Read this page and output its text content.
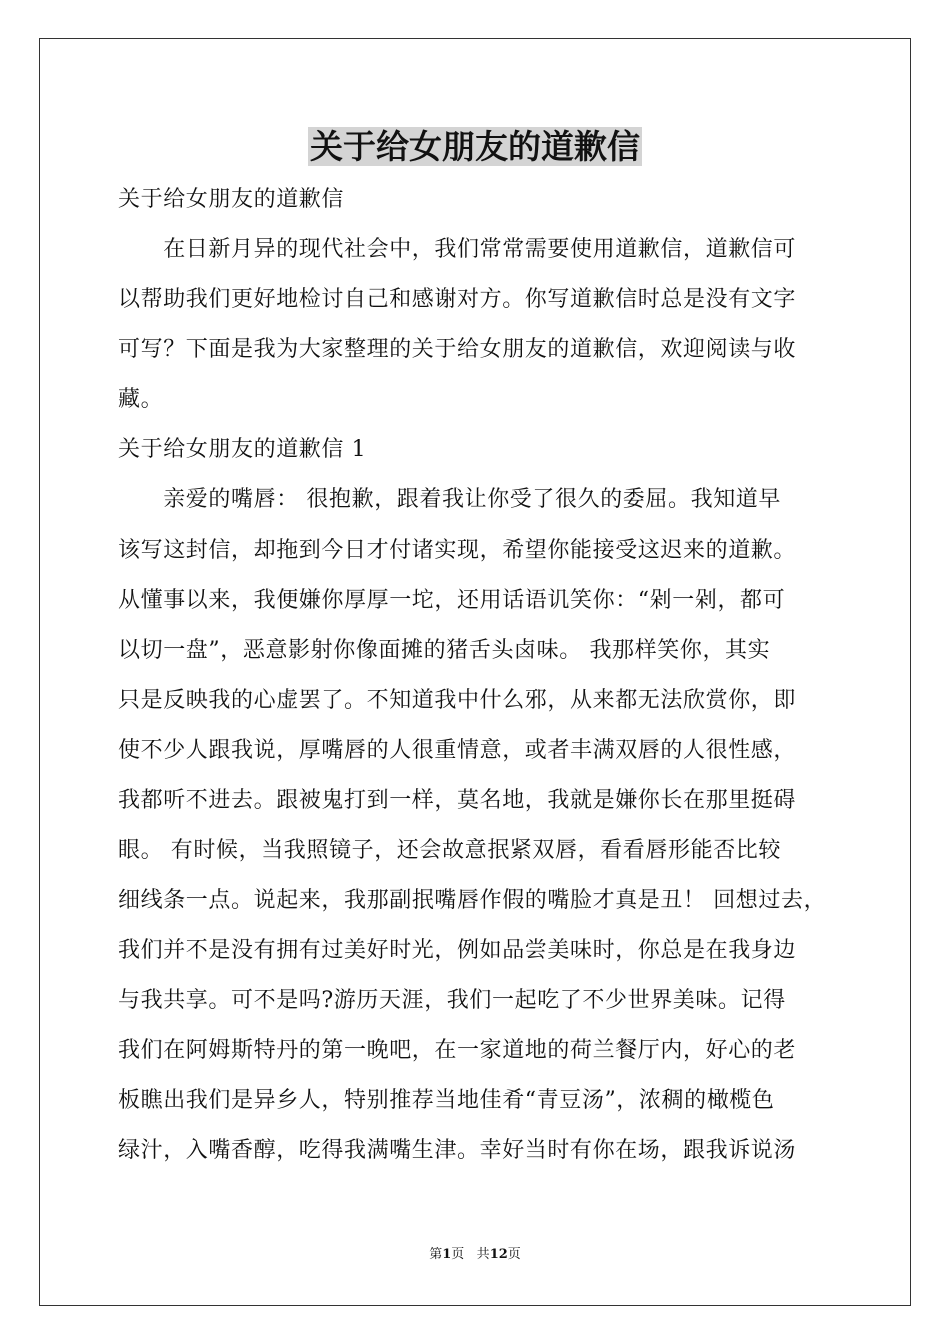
关于给女朋友的道歉信
关于给女朋友的道歉信
　　在日新月异的现代社会中，我们常常需要使用道歉信，道歉信可
以帮助我们更好地检讨自己和感谢对方。你写道歉信时总是没有文字
可写？下面是我为大家整理的关于给女朋友的道歉信，欢迎阅读与收
藏。
关于给女朋友的道歉信 1
　　亲爱的嘴唇： 很抱歉，跟着我让你受了很久的委屈。我知道早
该写这封信，却拖到今日才付诸实现，希望你能接受这迟来的道歉。
从懂事以来，我便嫌你厚厚一坨，还用话语讥笑你：“剁一剁，都可
以切一盘”，恶意影射你像面摊的猪舌头卤味。 我那样笑你，其实
只是反映我的心虚罢了。不知道我中什么邪，从来都无法欣赏你，即
使不少人跟我说，厚嘴唇的人很重情意，或者丰满双唇的人很性感，
我都听不进去。跟被鬼打到一样，莫名地，我就是嫌你长在那里挺碍
眼。 有时候，当我照镜子，还会故意抿紧双唇，看看唇形能否比较
细线条一点。说起来，我那副抿嘴唇作假的嘴脸才真是丑！ 回想过去，
我们并不是没有拥有过美好时光，例如品尝美味时，你总是在我身边
与我共享。可不是吗?游历天涯，我们一起吃了不少世界美味。记得
我们在阿姆斯特丹的第一晚吧，在一家道地的荷兰餐厅内，好心的老
板瞧出我们是异乡人，特别推荐当地佳肴“青豆汤”，浓稠的橄榄色
绿汁，入嘴香醇，吃得我满嘴生津。幸好当时有你在场，跟我诉说汤
第1页 共12页
